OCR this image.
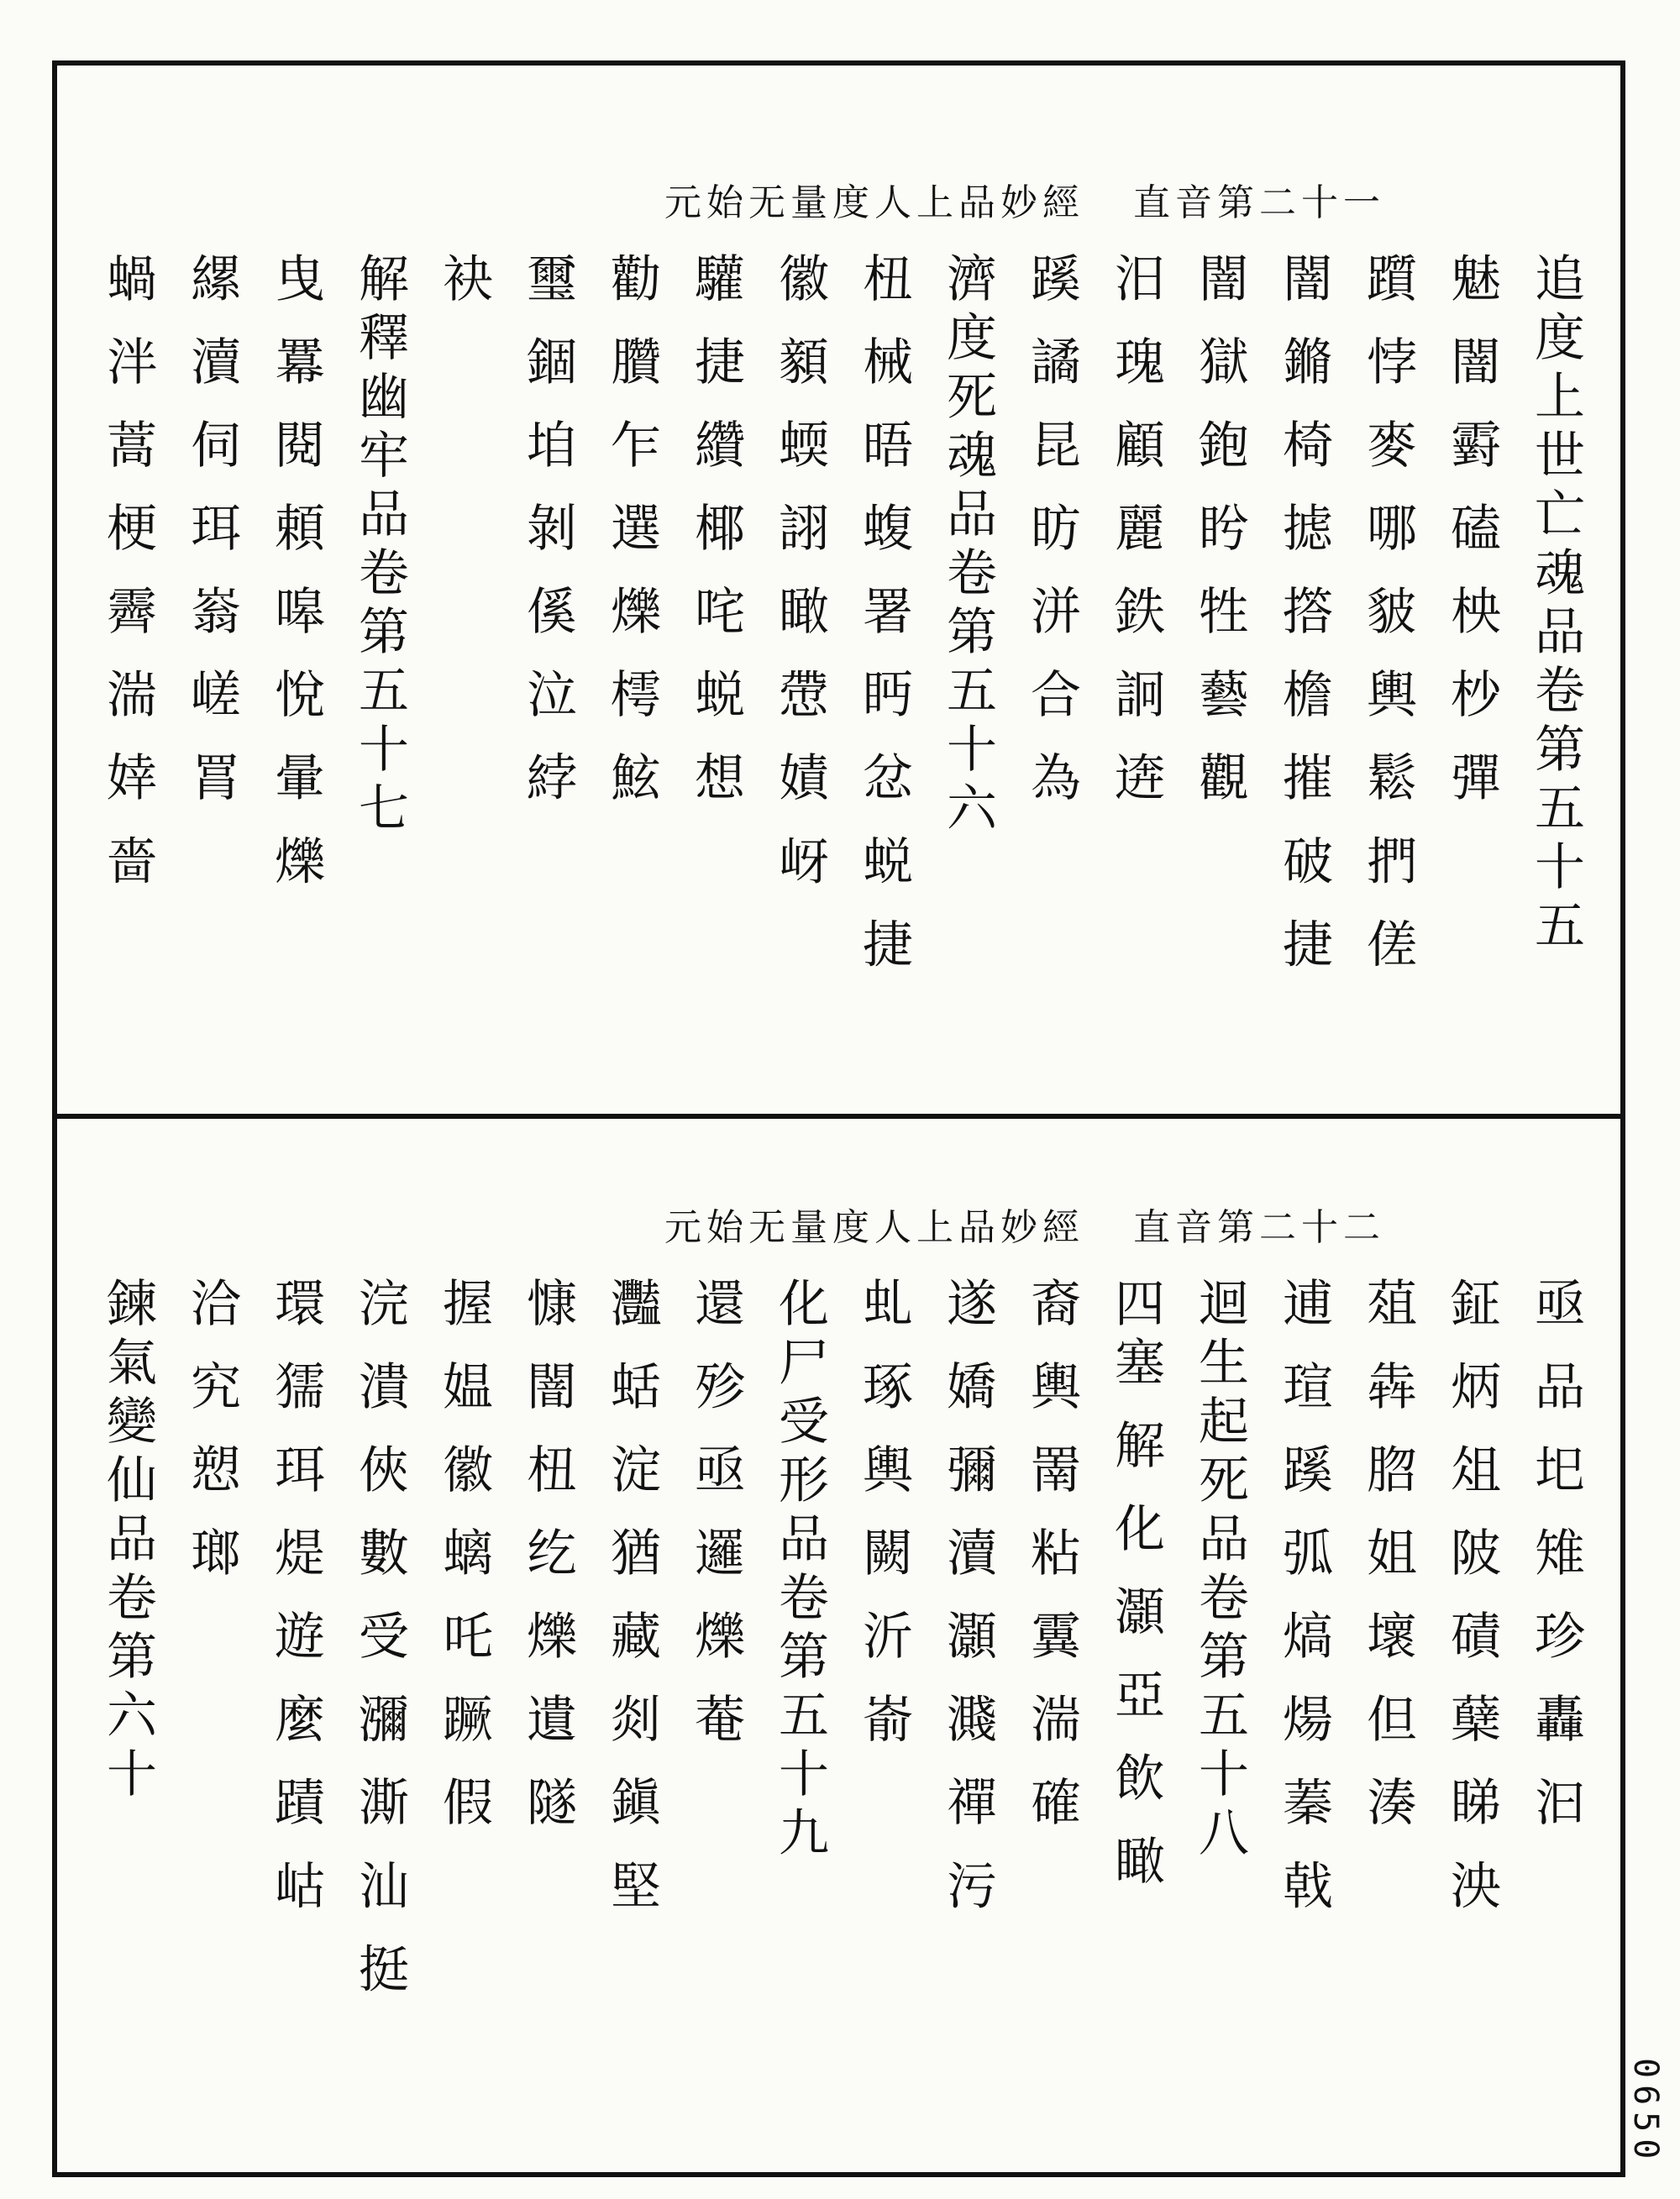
元始无量度人上品妙經 直音第二十一
追度上世亡魂品卷第五十五
魅 闇 䨴 磕 柍 杪 彈
躓 悖 麥 哪 䝛 輿 鬆 捫 傞
闇 鏅 椅 摅 撘 檐 摧 破 捷
闇 獄 鉋 盻 牲 藝 觀
汨 瑰 顧 麗 鉄 詗 逩
蹊 譎 昆 昉 洴 合 為
濟度死魂品卷第五十六
杻 械 晤 蝮 署 眄 忿 蜕 捷
徽 顡 蝡 詡 瞰 慸 嫧 岈
驩 捷 纘 椰 咤 蜕 想
勸 臢 乍 選 爍 樗 鮌
璽 錮 垍 剝 傒 泣 綍
袂
解釋幽牢品卷第五十七
曳 羃 閱 頼 嗥 悅 暈 爍
縲 瀆 伺 珥 嵡 嵯 罥
蝸 泮 蒿 梗 霽 湍 婞 嗇
元始无量度人上品妙經 直音第二十二
亟 品 圯 雉 珍 轟 汩
鉦 炳 俎 陂 磧 蘖 睇 泱
葅 犇 脗 姐 壞 但 湊
逋 瑄 蹊 弧 熇 煬 蓁 戟
迴生起死品卷第五十八
四塞 解 化 灝 亞 飲 瞰
裔 輿 罱 粘 霬 湍 確
遂 嬌 彌 瀆 灝 濺 禪 污
虬 琢 輿 闕 沂 嵛
化尸受形品卷第五十九
還 殄 亟 邏 爍 菴
灩 蛞 淀 猶 藏 剡 鎭 堅
慷 闇 杻 纥 爍 遺 隧
握 媪 徽 螭 吒 蹶 假
浣 潰 俠 數 受 瀰 澌 汕 挺
環 獳 珥 煶 遊 麼 蹟 岵
洽 究 愬 瑯
鍊氣變仙品卷第六十
0650
